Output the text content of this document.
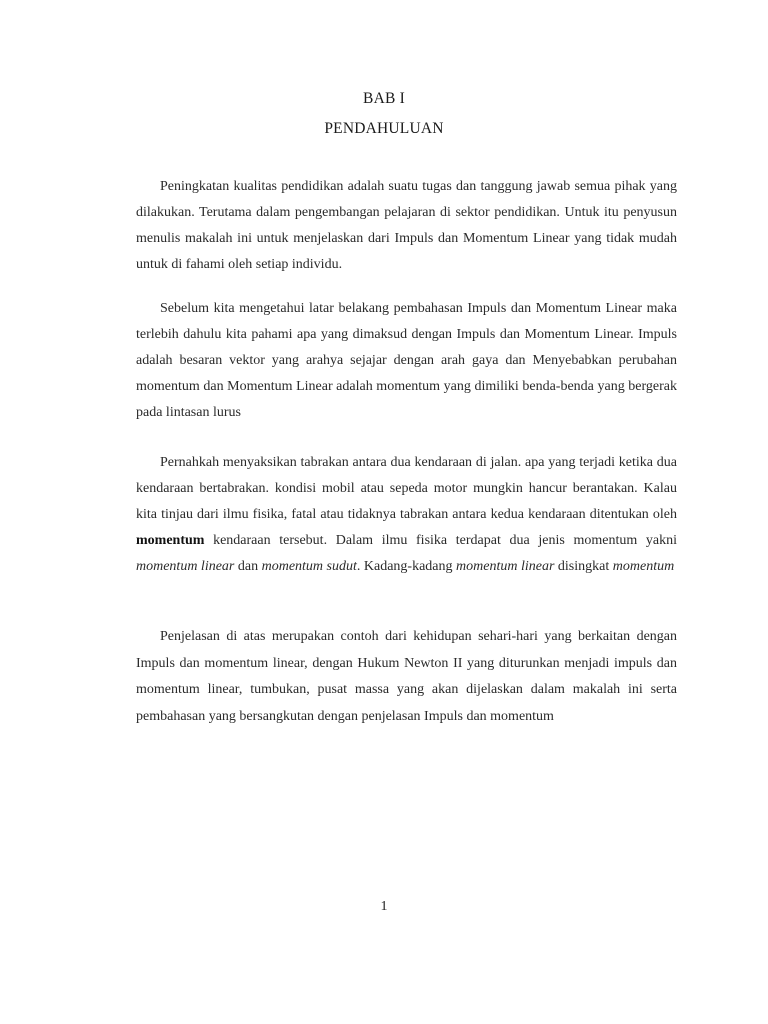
BAB I
PENDAHULUAN

Peningkatan kualitas pendidikan adalah suatu tugas dan tanggung jawab semua pihak yang dilakukan. Terutama dalam pengembangan pelajaran di sektor pendidikan. Untuk itu penyusun menulis makalah ini untuk menjelaskan dari Impuls dan Momentum Linear yang tidak mudah untuk di fahami oleh setiap individu.

Sebelum kita mengetahui latar belakang pembahasan Impuls dan Momentum Linear maka terlebih dahulu kita pahami apa yang dimaksud dengan Impuls dan Momentum Linear. Impuls adalah besaran vektor yang arahya sejajar dengan arah gaya dan Menyebabkan perubahan momentum dan Momentum Linear adalah momentum yang dimiliki benda-benda yang bergerak pada lintasan lurus

Pernahkah menyaksikan tabrakan antara dua kendaraan di jalan. apa yang terjadi ketika dua kendaraan bertabrakan. kondisi mobil atau sepeda motor mungkin hancur berantakan. Kalau kita tinjau dari ilmu fisika, fatal atau tidaknya tabrakan antara kedua kendaraan ditentukan oleh momentum kendaraan tersebut. Dalam ilmu fisika terdapat dua jenis momentum yakni momentum linear dan momentum sudut. Kadang-kadang momentum linear disingkat momentum

Penjelasan di atas merupakan contoh dari kehidupan sehari-hari yang berkaitan dengan Impuls dan momentum linear, dengan Hukum Newton II yang diturunkan menjadi impuls dan momentum linear, tumbukan, pusat massa yang akan dijelaskan dalam makalah ini serta pembahasan yang bersangkutan dengan penjelasan Impuls dan momentum

1
